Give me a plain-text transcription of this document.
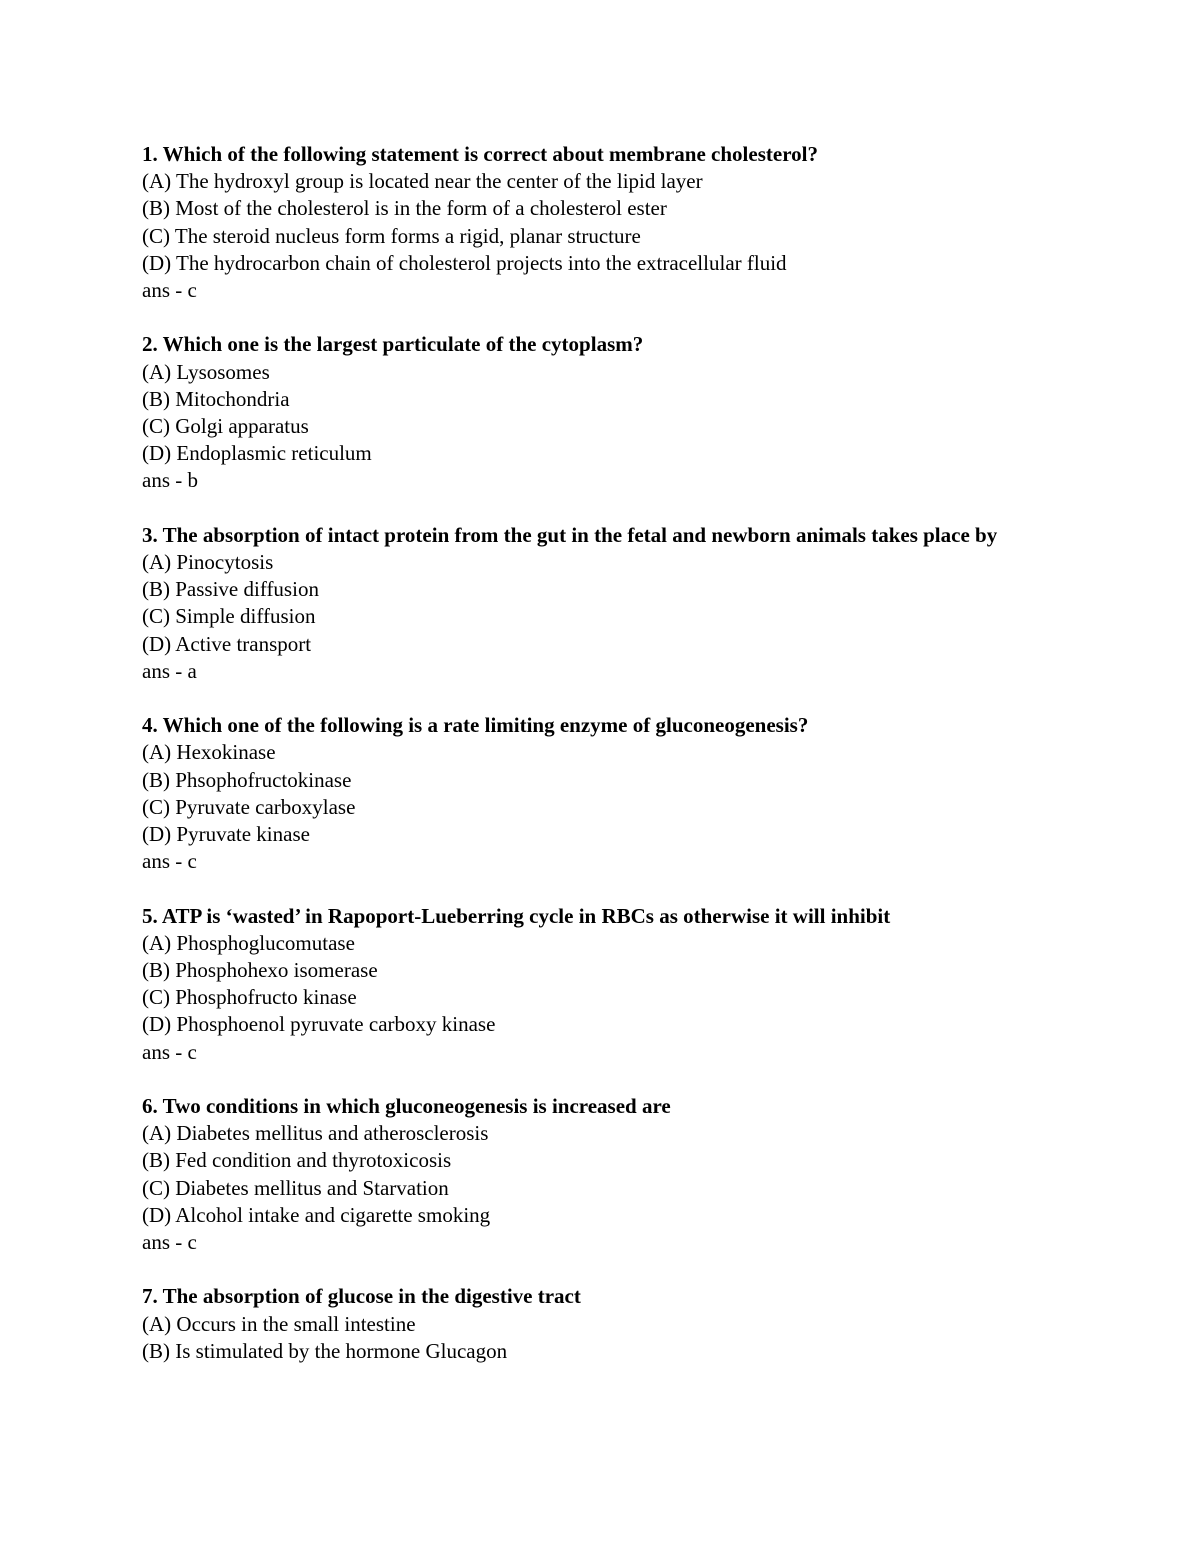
1. Which of the following statement is correct about membrane cholesterol?
(A) The hydroxyl group is located near the center of the lipid layer
(B) Most of the cholesterol is in the form of a cholesterol ester
(C) The steroid nucleus form forms a rigid, planar structure
(D) The hydrocarbon chain of cholesterol projects into the extracellular fluid
ans - c
2. Which one is the largest particulate of the cytoplasm?
(A) Lysosomes
(B) Mitochondria
(C) Golgi apparatus
(D) Endoplasmic reticulum
ans - b
3. The absorption of intact protein from the gut in the fetal and newborn animals takes place by
(A) Pinocytosis
(B) Passive diffusion
(C) Simple diffusion
(D) Active transport
ans - a
4. Which one of the following is a rate limiting enzyme of gluconeogenesis?
(A) Hexokinase
(B) Phsophofructokinase
(C) Pyruvate carboxylase
(D) Pyruvate kinase
ans - c
5. ATP is ‘wasted’ in Rapoport-Lueberring cycle in RBCs as otherwise it will inhibit
(A) Phosphoglucomutase
(B) Phosphohexo isomerase
(C) Phosphofructo kinase
(D) Phosphoenol pyruvate carboxy kinase
ans - c
6. Two conditions in which gluconeogenesis is increased are
(A) Diabetes mellitus and atherosclerosis
(B) Fed condition and thyrotoxicosis
(C) Diabetes mellitus and Starvation
(D) Alcohol intake and cigarette smoking
ans - c
7. The absorption of glucose in the digestive tract
(A) Occurs in the small intestine
(B) Is stimulated by the hormone Glucagon
